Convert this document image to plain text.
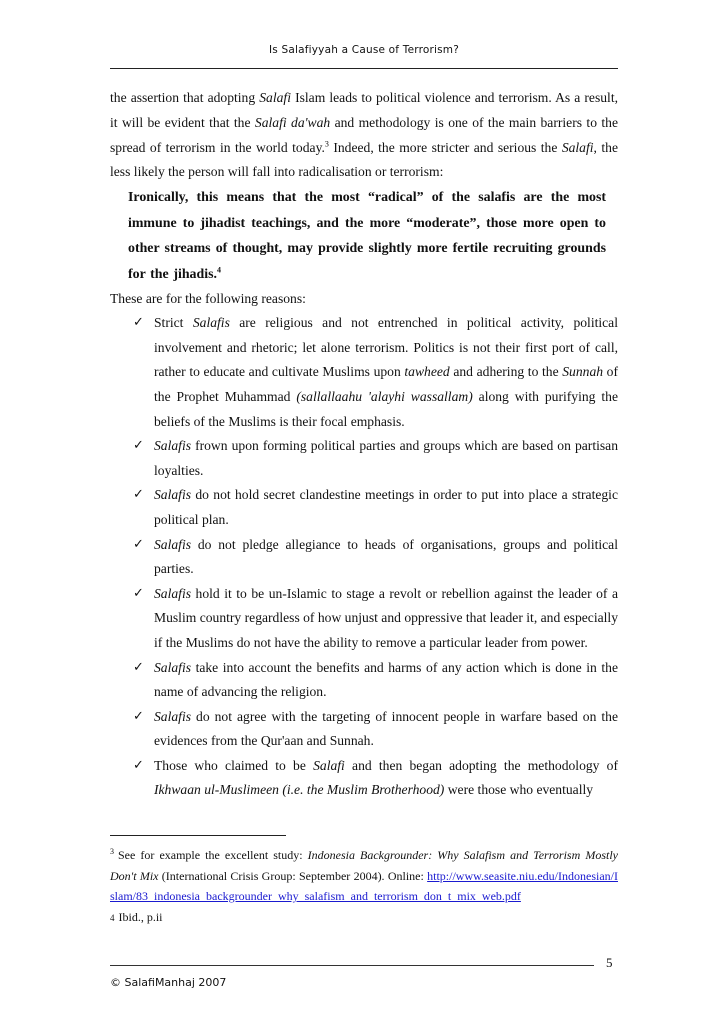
Is Salafiyyah a Cause of Terrorism?

the assertion that adopting Salafi Islam leads to political violence and terrorism. As a result, it will be evident that the Salafi da'wah and methodology is one of the main barriers to the spread of terrorism in the world today.$^3$ Indeed, the more stricter and serious the Salafi, the less likely the person will fall into radicalisation or terrorism:

Ironically, this means that the most “radical” of the salafis are the most immune to jihadist teachings, and the more “moderate”, those more open to other streams of thought, may provide slightly more fertile recruiting grounds for the jihadis.$^4$

These are for the following reasons:

✓ Strict Salafis are religious and not entrenched in political activity, political involvement and rhetoric; let alone terrorism. Politics is not their first port of call, rather to educate and cultivate Muslims upon tawheed and adhering to the Sunnah of the Prophet Muhammad (sallallaahu 'alayhi wassallam) along with purifying the beliefs of the Muslims is their focal emphasis.
✓ Salafis frown upon forming political parties and groups which are based on partisan loyalties.
✓ Salafis do not hold secret clandestine meetings in order to put into place a strategic political plan.
✓ Salafis do not pledge allegiance to heads of organisations, groups and political parties.
✓ Salafis hold it to be un-Islamic to stage a revolt or rebellion against the leader of a Muslim country regardless of how unjust and oppressive that leader it, and especially if the Muslims do not have the ability to remove a particular leader from power.
✓ Salafis take into account the benefits and harms of any action which is done in the name of advancing the religion.
✓ Salafis do not agree with the targeting of innocent people in warfare based on the evidences from the Qur'aan and Sunnah.
✓ Those who claimed to be Salafi and then began adopting the methodology of Ikhwaan ul-Muslimeen (i.e. the Muslim Brotherhood) were those who eventually
$^3$ See for example the excellent study: Indonesia Backgrounder: Why Salafism and Terrorism Mostly Don't Mix (International Crisis Group: September 2004). Online: http://www.seasite.niu.edu/Indonesian/Islam/83_indonesia_backgrounder_why_salafism_and_terrorism_don_t_mix_web.pdf
4 Ibid., p.ii
5
© SalafiManhaj 2007
